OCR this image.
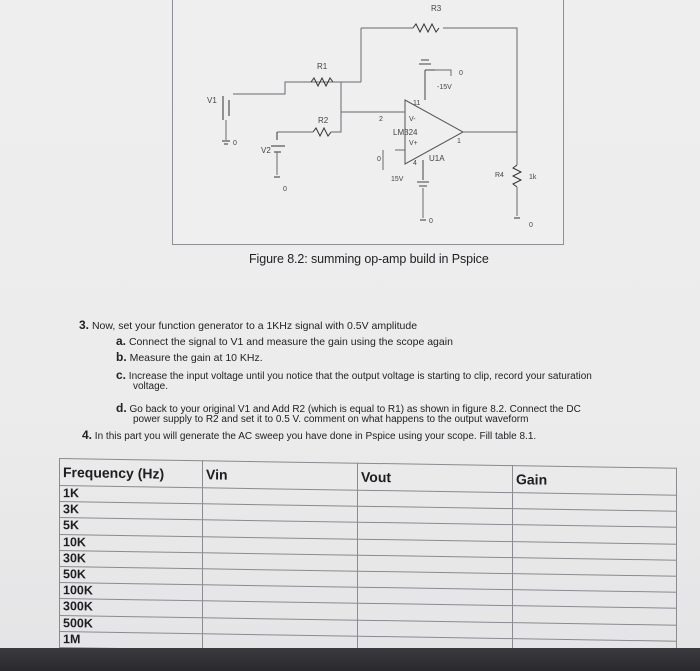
R3
R1
R2
V1
V2
LM324
U1A
V+
V-
-15V
15V
11
2
4
1
R4	1k
0
0
0
0
0
0
Figure 8.2: summing op-amp build in Pspice
3. Now, set your function generator to a 1KHz signal with 0.5V amplitude
a. Connect the signal to V1 and measure the gain using the scope again
b. Measure the gain at 10 KHz.
c. Increase the input voltage until you notice that the output voltage is starting to clip, record your saturation
voltage.
d. Go back to your original V1 and Add R2 (which is equal to R1) as shown in figure 8.2. Connect the DC
power supply to R2 and set it to 0.5 V. comment on what happens to the output waveform
4. In this part you will generate the AC sweep you have done in Pspice using your scope. Fill table 8.1.
Frequency (Hz)	Vin	Vout	Gain
1K			
3K			
5K			
10K			
30K			
50K			
100K			
300K			
500K			
1M			
